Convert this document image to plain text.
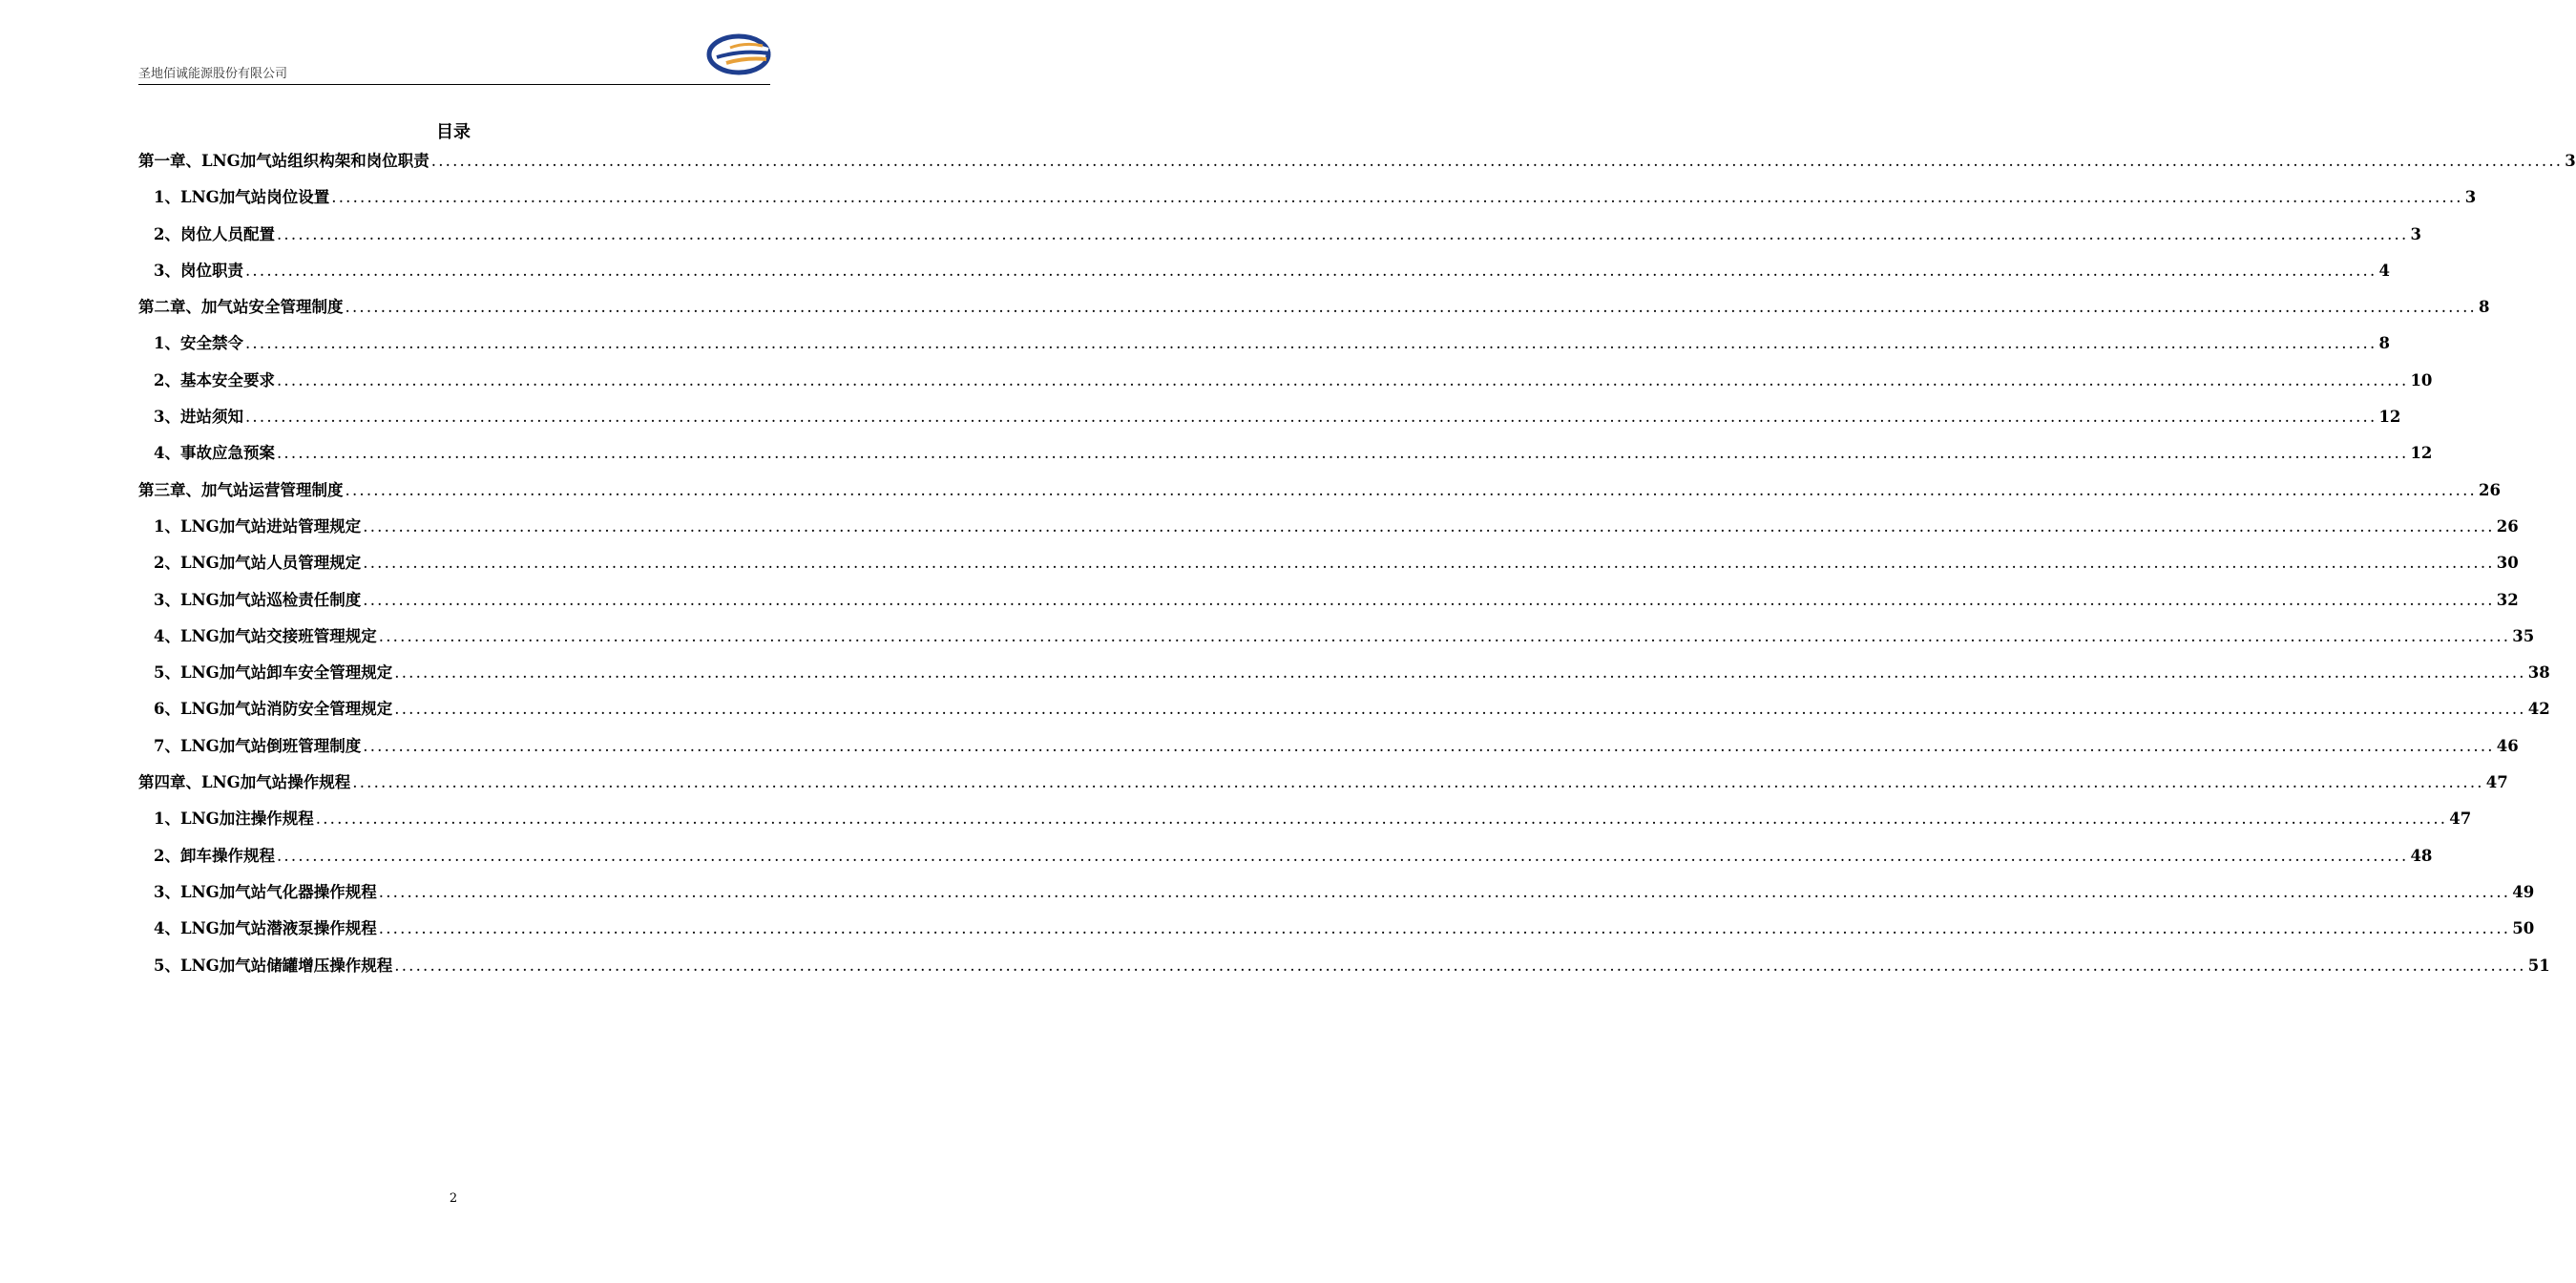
圣地佰诚能源股份有限公司
目录
第一章、LNG加气站组织构架和岗位职责 ............................................................................................................................................................................................................................................................................................................ 3
1、LNG加气站岗位设置 ............................................................................................................................................................................................................................................................................................................ 3
2、岗位人员配置 ............................................................................................................................................................................................................................................................................................................ 3
3、岗位职责 ............................................................................................................................................................................................................................................................................................................ 4
第二章、加气站安全管理制度 ............................................................................................................................................................................................................................................................................................................ 8
1、安全禁令 ............................................................................................................................................................................................................................................................................................................ 8
2、基本安全要求 ............................................................................................................................................................................................................................................................................................................ 10
3、进站须知 ............................................................................................................................................................................................................................................................................................................ 12
4、事故应急预案 ............................................................................................................................................................................................................................................................................................................ 12
第三章、加气站运营管理制度 ............................................................................................................................................................................................................................................................................................................ 26
1、LNG加气站进站管理规定 ............................................................................................................................................................................................................................................................................................................ 26
2、LNG加气站人员管理规定 ............................................................................................................................................................................................................................................................................................................ 30
3、LNG加气站巡检责任制度 ............................................................................................................................................................................................................................................................................................................ 32
4、LNG加气站交接班管理规定 ............................................................................................................................................................................................................................................................................................................ 35
5、LNG加气站卸车安全管理规定 ............................................................................................................................................................................................................................................................................................................ 38
6、LNG加气站消防安全管理规定 ............................................................................................................................................................................................................................................................................................................ 42
7、LNG加气站倒班管理制度 ............................................................................................................................................................................................................................................................................................................ 46
第四章、LNG加气站操作规程 ............................................................................................................................................................................................................................................................................................................ 47
1、LNG加注操作规程 ............................................................................................................................................................................................................................................................................................................ 47
2、卸车操作规程 ............................................................................................................................................................................................................................................................................................................ 48
3、LNG加气站气化器操作规程 ............................................................................................................................................................................................................................................................................................................ 49
4、LNG加气站潜液泵操作规程 ............................................................................................................................................................................................................................................................................................................ 50
5、LNG加气站储罐增压操作规程 ............................................................................................................................................................................................................................................................................................................ 51
2
